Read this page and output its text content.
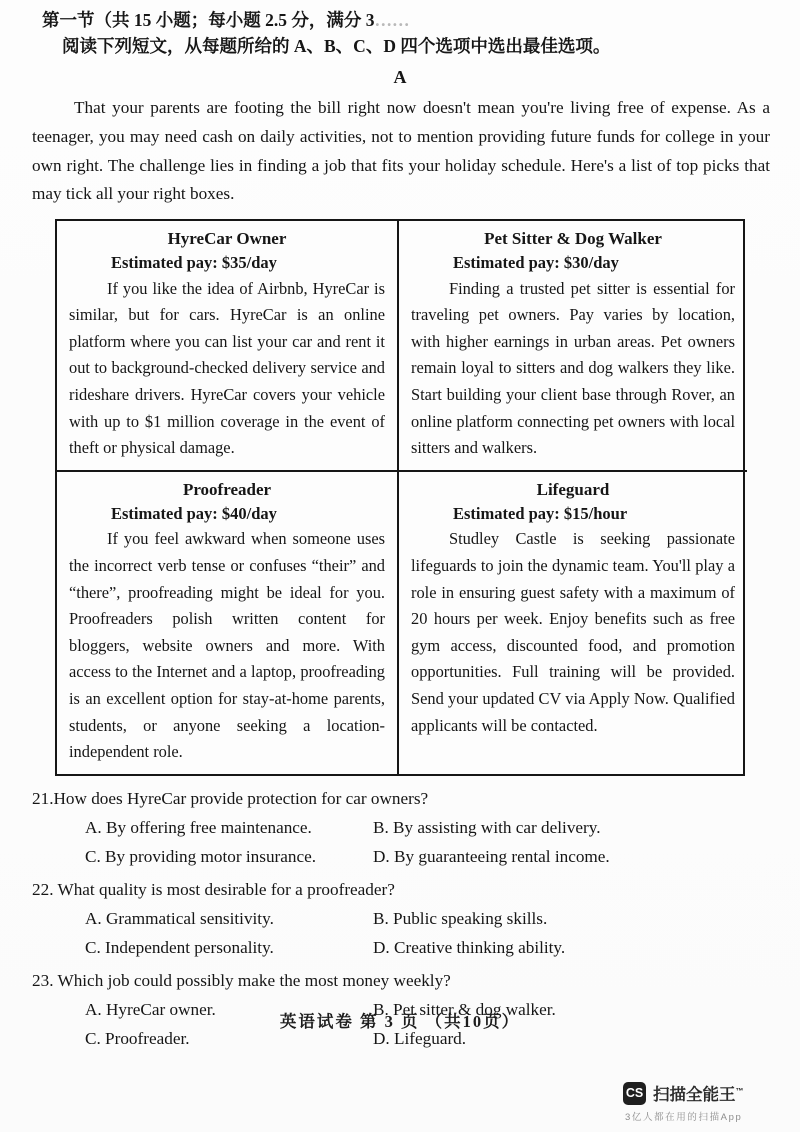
第一节（共 15 小题；每小题 2.5 分，满分 3……
阅读下列短文，从每题所给的 A、B、C、D 四个选项中选出最佳选项。
A

That your parents are footing the bill right now doesn't mean you're living free of expense. As a teenager, you may need cash on daily activities, not to mention providing future funds for college in your own right. The challenge lies in finding a job that fits your holiday schedule. Here's a list of top picks that may tick all your right boxes.

HyreCar Owner
Estimated pay: $35/day
If you like the idea of Airbnb, HyreCar is similar, but for cars. HyreCar is an online platform where you can list your car and rent it out to background-checked delivery service and rideshare drivers. HyreCar covers your vehicle with up to $1 million coverage in the event of theft or physical damage.
Pet Sitter & Dog Walker
Estimated pay: $30/day
Finding a trusted pet sitter is essential for traveling pet owners. Pay varies by location, with higher earnings in urban areas. Pet owners remain loyal to sitters and dog walkers they like. Start building your client base through Rover, an online platform connecting pet owners with local sitters and walkers.
Proofreader
Estimated pay: $40/day
If you feel awkward when someone uses the incorrect verb tense or confuses “their” and “there”, proofreading might be ideal for you. Proofreaders polish written content for bloggers, website owners and more. With access to the Internet and a laptop, proofreading is an excellent option for stay-at-home parents, students, or anyone seeking a location-independent role.
Lifeguard
Estimated pay: $15/hour
Studley Castle is seeking passionate lifeguards to join the dynamic team. You'll play a role in ensuring guest safety with a maximum of 20 hours per week. Enjoy benefits such as free gym access, discounted food, and promotion opportunities. Full training will be provided. Send your updated CV via Apply Now. Qualified applicants will be contacted.
21.How does HyreCar provide protection for car owners?
A. By offering free maintenance.	B. By assisting with car delivery.
C. By providing motor insurance.	D. By guaranteeing rental income.
22. What quality is most desirable for a proofreader?
A. Grammatical sensitivity.	B. Public speaking skills.
C. Independent personality.	D. Creative thinking ability.
23. Which job could possibly make the most money weekly?
A. HyreCar owner.	B. Pet sitter & dog walker.
C. Proofreader.	D. Lifeguard.
英语试卷 第 3 页 （共10页）
CS 扫描全能王™
3亿人都在用的扫描App
